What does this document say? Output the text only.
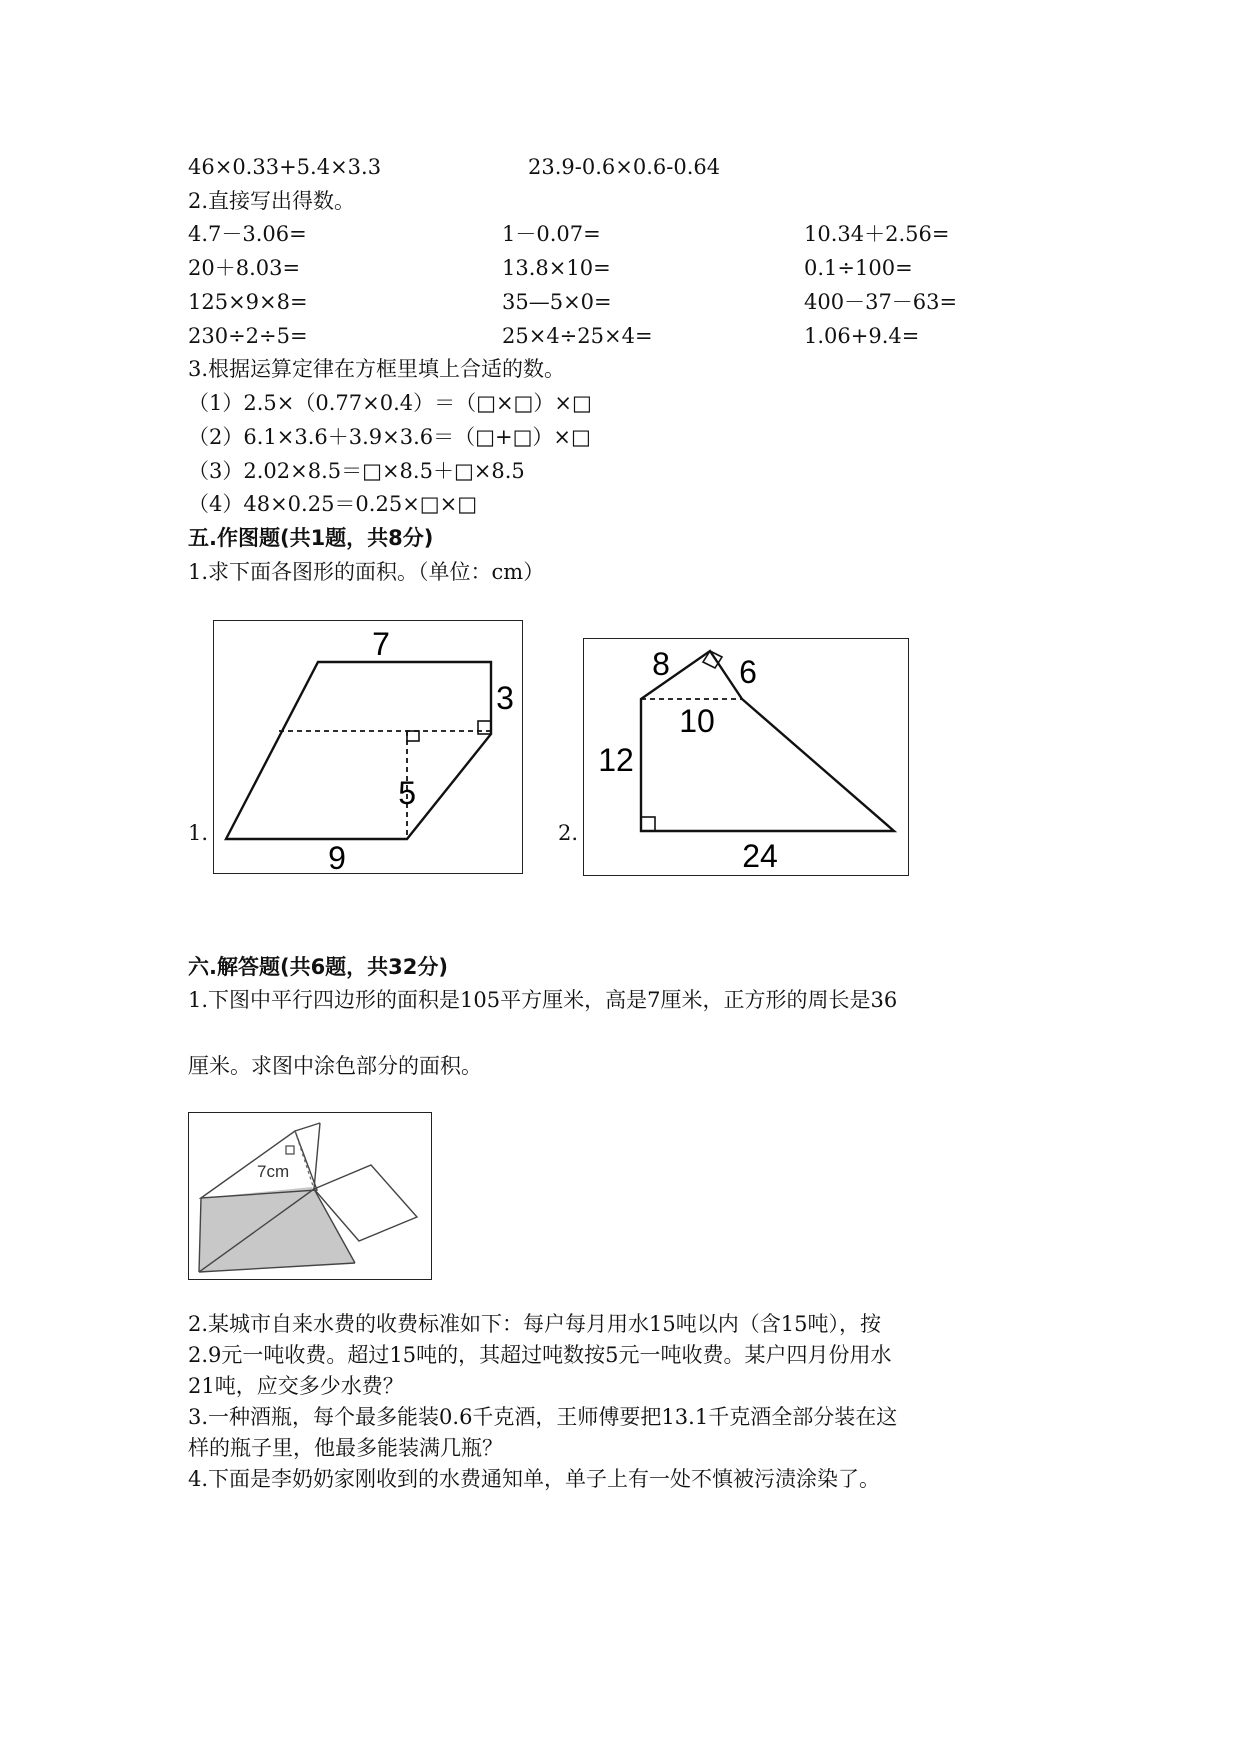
46×0.33+5.4×3.3	23.9-0.6×0.6-0.64
2.直接写出得数。
4.7－3.06=	1－0.07=	10.34＋2.56=
20＋8.03=	13.8×10=	0.1÷100=
125×9×8=	35—5×0=	400－37－63=
230÷2÷5=	25×4÷25×4=	1.06+9.4=
3.根据运算定律在方框里填上合适的数。
（1）2.5×（0.77×0.4）＝（□×□）×□
（2）6.1×3.6＋3.9×3.6＝（□+□）×□
（3）2.02×8.5＝□×8.5＋□×8.5
（4）48×0.25＝0.25×□×□
五.作图题(共1题，共8分)
1.求下面各图形的面积。（单位：cm）
7
3
5
9
1.
8 6
10
12
24
2.
六.解答题(共6题，共32分)
1.下图中平行四边形的面积是105平方厘米，高是7厘米，正方形的周长是36
厘米。求图中涂色部分的面积。
7cm
2.某城市自来水费的收费标准如下：每户每月用水15吨以内（含15吨），按
2.9元一吨收费。超过15吨的，其超过吨数按5元一吨收费。某户四月份用水
21吨，应交多少水费？
3.一种酒瓶，每个最多能装0.6千克酒，王师傅要把13.1千克酒全部分装在这
样的瓶子里，他最多能装满几瓶？
4.下面是李奶奶家刚收到的水费通知单，单子上有一处不慎被污渍涂染了。
